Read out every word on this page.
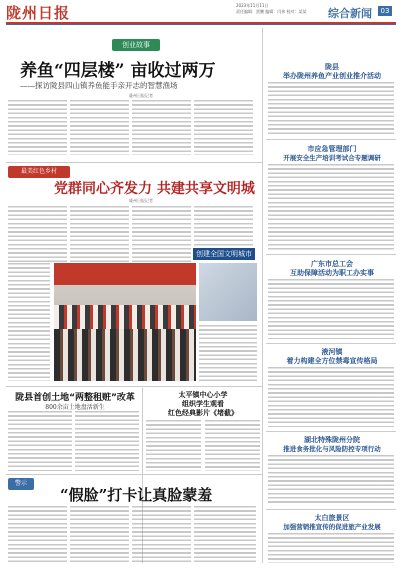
陇州日报	2023年11月11日
责任编辑：贾鹏 编辑：闫伟 校对：某某	综合新闻	03
创业故事
养鱼“四层楼” 亩收过两万
——探访陇县四山镇养鱼能手亲开志的智慧渔场
陇州日报记者
最美红色乡村
党群同心齐发力 共建共享文明城
陇州日报记者
创建全国文明城市
陇县首创土地“两整租赃”改革
800余亩土地盘活新生
太平镇中心小学
组织学生观看
红色经典影片《堵截》
警示
“假脸”打卡让真脸蒙羞
陇县
举办陇州养鱼产业创业推介活动
市应急管理部门
开展安全生产培训考试合专题调研
广东市总工会
互助保障活动为职工办实事
液河镇
着力构建全方位禁毒宣传格局
湖北特殊陇州分院
推进食务批化与风险防控专项行动
太白旅景区
加强营销推宣传的促进旅产业发展
